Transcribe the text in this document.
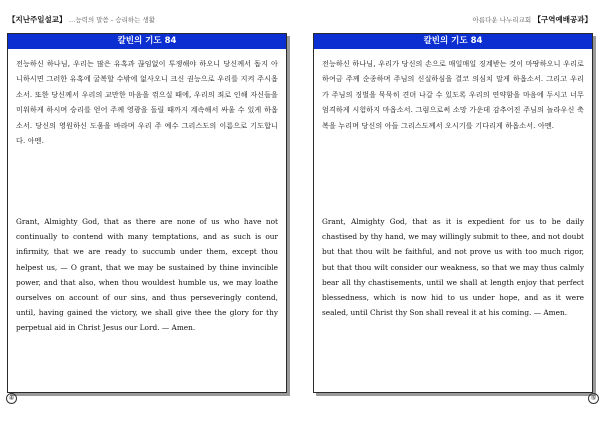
【지난주일설교】 …능력의 말씀 - 승리하는 생활
칼빈의 기도 84

전능하신 하나님, 우리는 많은 유혹과 끊임없이 투쟁해야 하오니 당신께서 돕지 아니하시면 그러한 유혹에 굴복할 수밖에 없사오니 크신 권능으로 우리를 지켜 주시옵소서. 또한 당신께서 우리의 교만한 마음을 꺾으실 때에, 우리의 죄로 인해 자신들을 미워하게 하시며 승리를 얻어 주께 영광을 돌릴 때까지 계속해서 싸울 수 있게 하옵소서. 당신의 영원하신 도움을 바라며 우리 주 예수 그리스도의 이름으로 기도합니다. 아멘.

Grant, Almighty God, that as there are none of us who have not continually to contend with many temptations, and as such is our infirmity, that we are ready to succumb under them, except thou helpest us, — O grant, that we may be sustained by thine invincible power, and that also, when thou wouldest humble us, we may loathe ourselves on account of our sins, and thus perseveringly contend, until, having gained the victory, we shall give thee the glory for thy perpetual aid in Christ Jesus our Lord. — Amen.

④
아름다운 나누리교회 【구역예배공과】
칼빈의 기도 84

전능하신 하나님, 우리가 당신의 손으로 매일매일 징계받는 것이 마땅하오니 우리로 하여금 주께 순종하며 주님의 신실하심을 결코 의심치 말게 하옵소서. 그리고 우리가 주님의 징벌을 묵묵히 견뎌 나갈 수 있도록 우리의 연약함을 마음에 두시고 너무 엄격하게 시험하지 마옵소서. 그럼으로써 소망 가운데 감추어진 주님의 놀라우신 축복을 누리며 당신의 아들 그리스도께서 오시기를 기다리게 하옵소서. 아멘.

Grant, Almighty God, that as it is expedient for us to be daily chastised by thy hand, we may willingly submit to thee, and not doubt but that thou wilt be faithful, and not prove us with too much rigor, but that thou wilt consider our weakness, so that we may thus calmly bear all thy chastisements, until we shall at length enjoy that perfect blessedness, which is now hid to us under hope, and as it were sealed, until Christ thy Son shall reveal it at his coming. — Amen.

⑤
